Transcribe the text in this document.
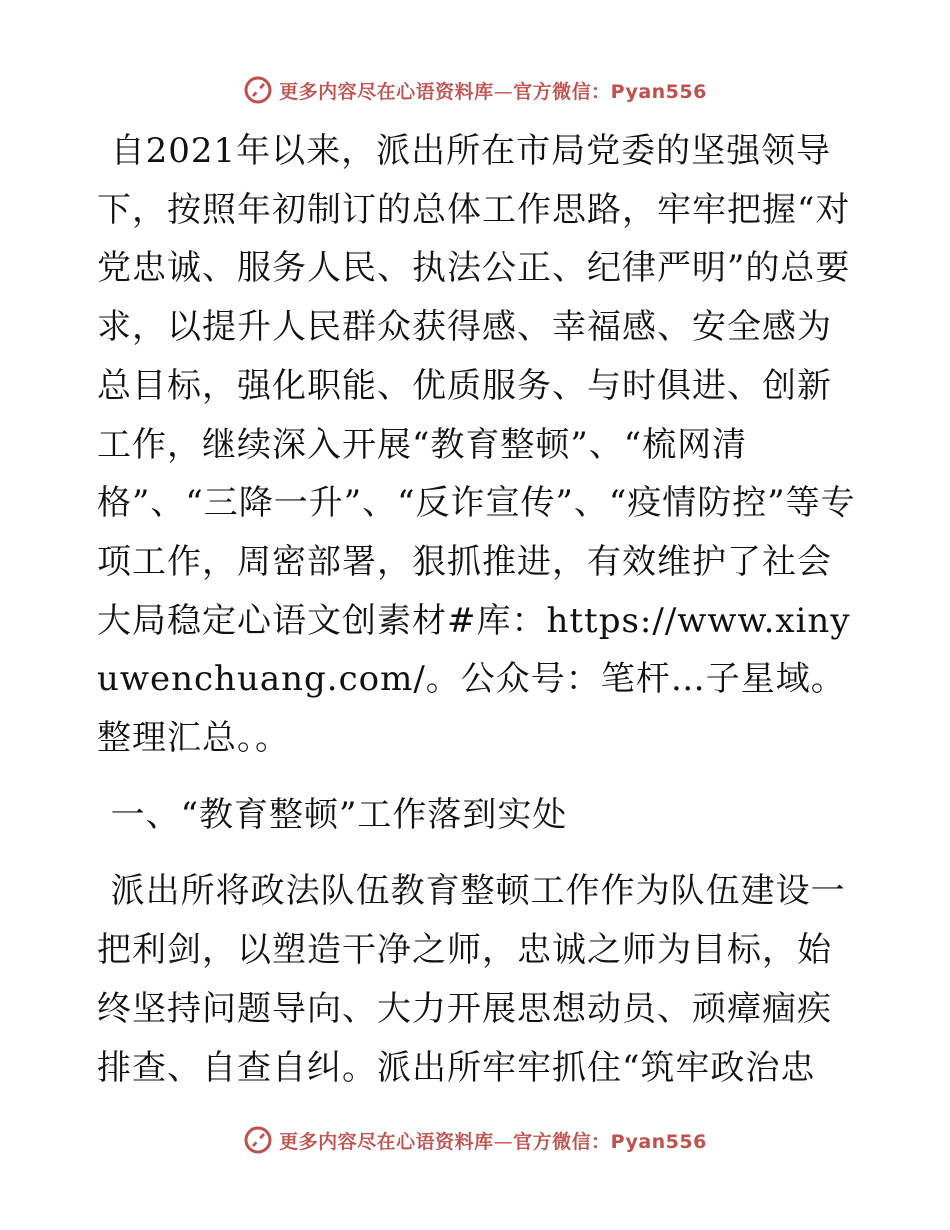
更多内容尽在心语资料库—官方微信：Pyan556

自2021年以来，派出所在市局党委的坚强领导下，按照年初制订的总体工作思路，牢牢把握“对党忠诚、服务人民、执法公正、纪律严明”的总要求，以提升人民群众获得感、幸福感、安全感为总目标，强化职能、优质服务、与时俱进、创新工作，继续深入开展“教育整顿”、“梳网清格”、“三降一升”、“反诈宣传”、“疫情防控”等专项工作，周密部署，狠抓推进，有效维护了社会大局稳定心语文创素材#库：https://www.xinyuwenchuang.com/。公众号：笔杆…子星域。整理汇总。。

一、“教育整顿”工作落到实处

派出所将政法队伍教育整顿工作作为队伍建设一把利剑，以塑造干净之师，忠诚之师为目标，始终坚持问题导向、大力开展思想动员、顽瘴痼疾排查、自查自纠。派出所牢牢抓住“筑牢政治忠

更多内容尽在心语资料库—官方微信：Pyan556
